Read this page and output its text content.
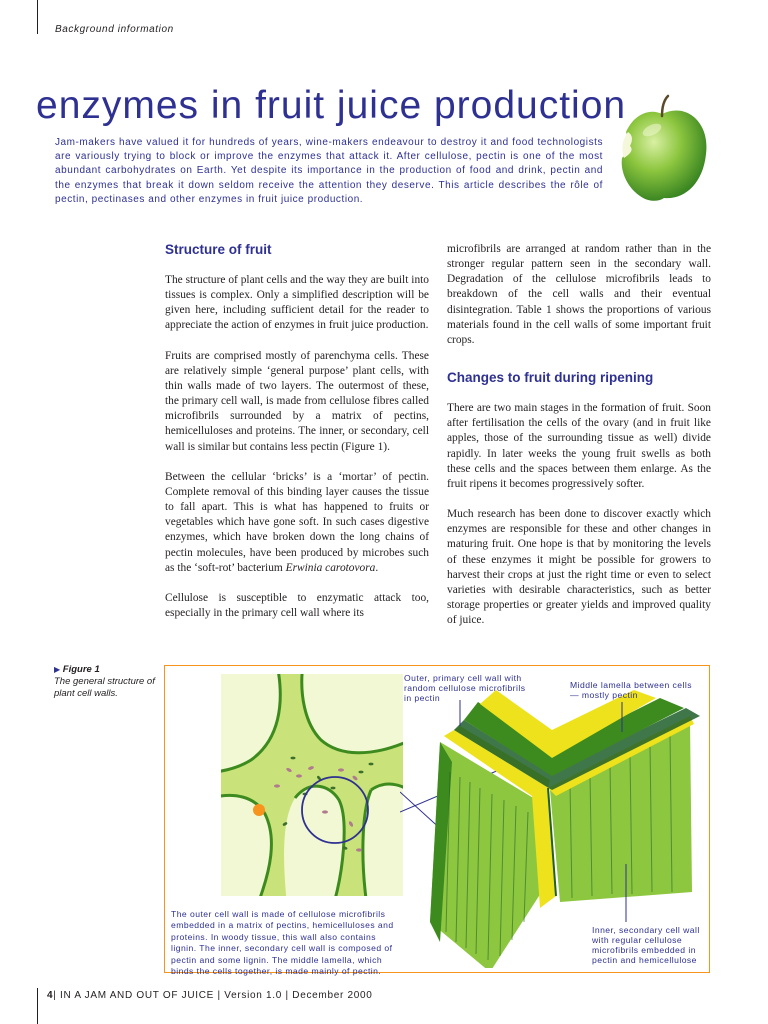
Background information
enzymes in fruit juice production

Jam-makers have valued it for hundreds of years, wine-makers endeavour to destroy it and food technologists are variously trying to block or improve the enzymes that attack it. After cellulose, pectin is one of the most abundant carbohydrates on Earth. Yet despite its importance in the production of food and drink, pectin and the enzymes that break it down seldom receive the attention they deserve. This article describes the rôle of pectin, pectinases and other enzymes in fruit juice production.

Structure of fruit

The structure of plant cells and the way they are built into tissues is complex. Only a simplified description will be given here, including sufficient detail for the reader to appreciate the action of enzymes in fruit juice production.

Fruits are comprised mostly of parenchyma cells. These are relatively simple ‘general purpose’ plant cells, with thin walls made of two layers. The outermost of these, the primary cell wall, is made from cellulose fibres called microfibrils surrounded by a matrix of pectins, hemicelluloses and proteins. The inner, or secondary, cell wall is similar but contains less pectin (Figure 1).

Between the cellular ‘bricks’ is a ‘mortar’ of pectin. Complete removal of this binding layer causes the tissue to fall apart. This is what has happened to fruits or vegetables which have gone soft. In such cases digestive enzymes, which have broken down the long chains of pectin molecules, have been produced by microbes such as the ‘soft-rot’ bacterium Erwinia carotovora.

Cellulose is susceptible to enzymatic attack too, especially in the primary cell wall where its

microfibrils are arranged at random rather than in the stronger regular pattern seen in the secondary wall. Degradation of the cellulose microfibrils leads to breakdown of the cell walls and their eventual disintegration. Table 1 shows the proportions of various materials found in the cell walls of some important fruit crops.

Changes to fruit during ripening

There are two main stages in the formation of fruit. Soon after fertilisation the cells of the ovary (and in fruit like apples, those of the surrounding tissue as well) divide rapidly. In later weeks the young fruit swells as both these cells and the spaces between them enlarge. As the fruit ripens it becomes progressively softer.

Much research has been done to discover exactly which enzymes are responsible for these and other changes in maturing fruit. One hope is that by monitoring the levels of these enzymes it might be possible for growers to harvest their crops at just the right time or even to select varieties with desirable characteristics, such as better storage properties or greater yields and improved quality of juice.

▶ Figure 1
The general structure of plant cell walls.
Outer, primary cell wall with random cellulose microfibrils in pectin
Middle lamella between cells — mostly pectin
Inner, secondary cell wall with regular cellulose microfibrils embedded in pectin and hemicellulose
The outer cell wall is made of cellulose microfibrils embedded in a matrix of pectins, hemicelluloses and proteins. In woody tissue, this wall also contains lignin. The inner, secondary cell wall is composed of pectin and some lignin. The middle lamella, which binds the cells together, is made mainly of pectin.
4| IN A JAM AND OUT OF JUICE | Version 1.0 | December 2000
